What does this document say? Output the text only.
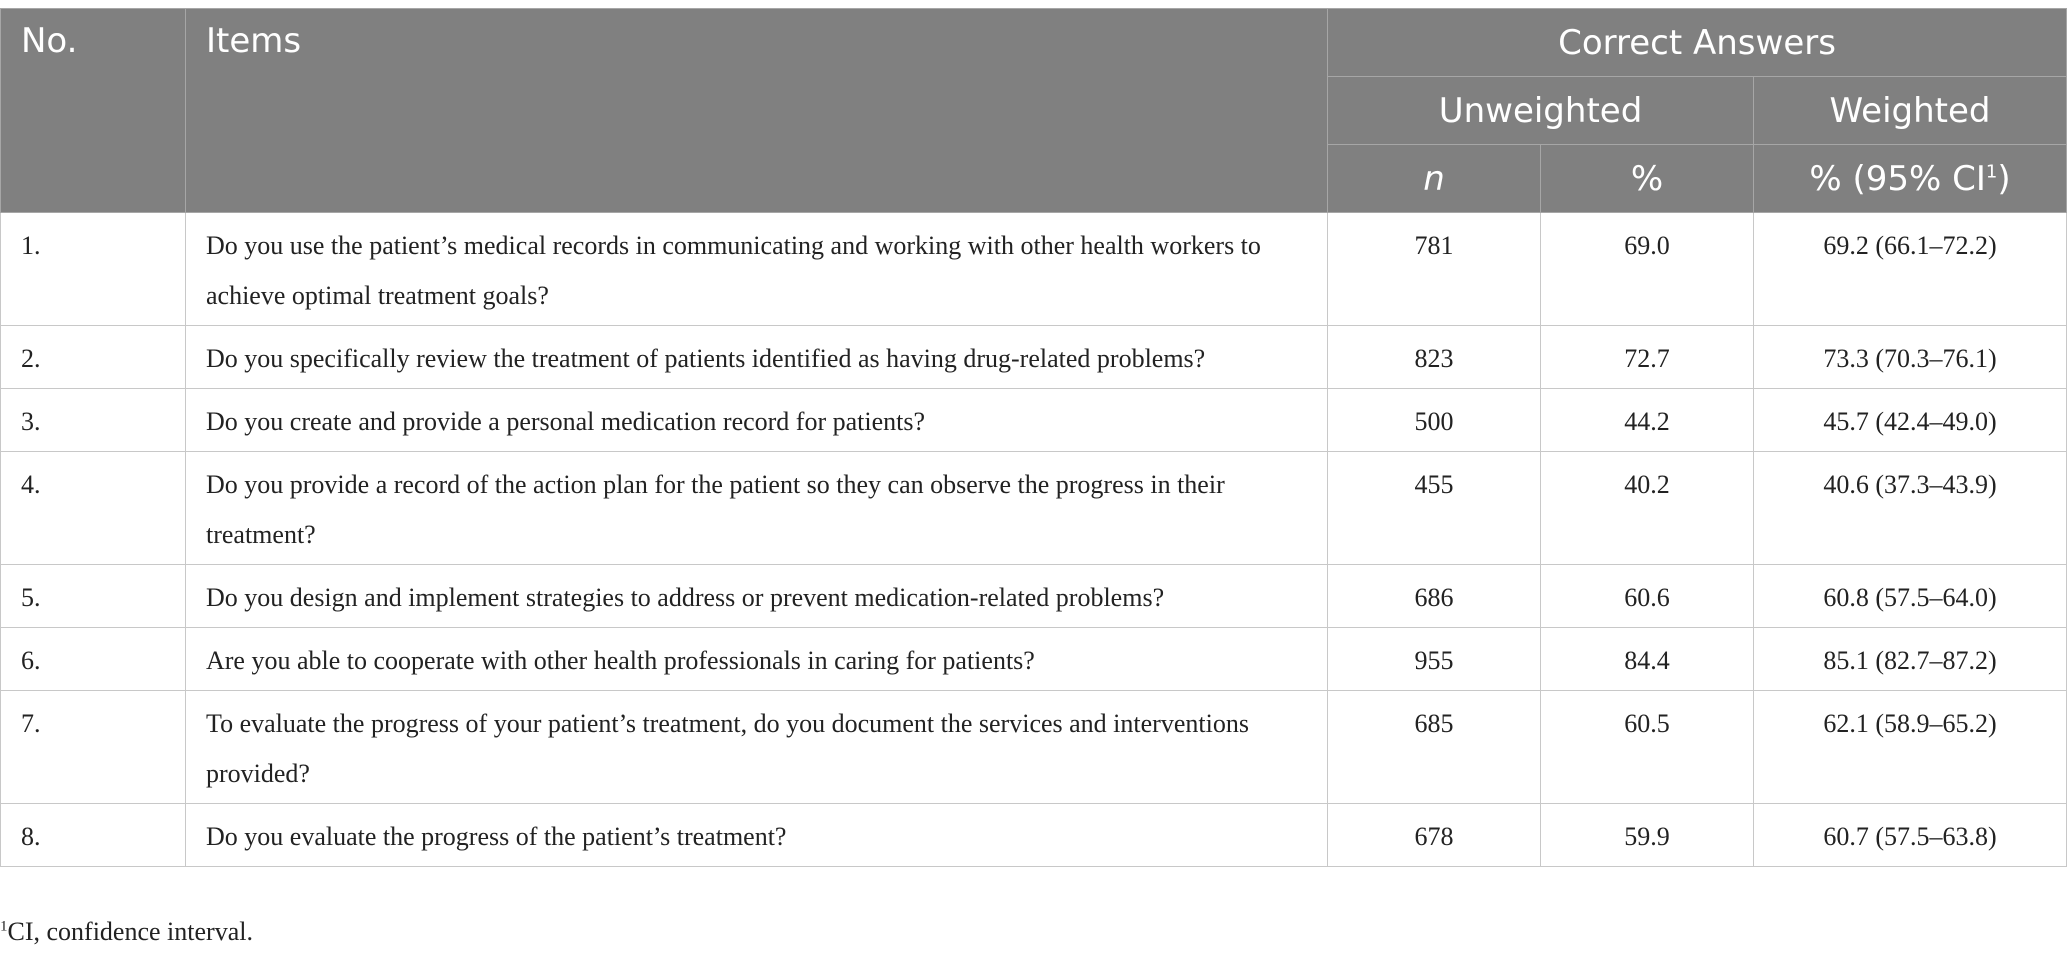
No.	Items	Correct Answers		
		Unweighted		Weighted
		n	%	% (95% $CI^1$)
1.	Do you use the patient’s medical records in communicating and working with other health workers to achieve optimal treatment goals?	781	69.0	69.2 (66.1–72.2)
2.	Do you specifically review the treatment of patients identified as having drug-related problems?	823	72.7	73.3 (70.3–76.1)
3.	Do you create and provide a personal medication record for patients?	500	44.2	45.7 (42.4–49.0)
4.	Do you provide a record of the action plan for the patient so they can observe the progress in their treatment?	455	40.2	40.6 (37.3–43.9)
5.	Do you design and implement strategies to address or prevent medication-related problems?	686	60.6	60.8 (57.5–64.0)
6.	Are you able to cooperate with other health professionals in caring for patients?	955	84.4	85.1 (82.7–87.2)
7.	To evaluate the progress of your patient’s treatment, do you document the services and interventions provided?	685	60.5	62.1 (58.9–65.2)
8.	Do you evaluate the progress of the patient’s treatment?	678	59.9	60.7 (57.5–63.8)
$^1$CI, confidence interval.
